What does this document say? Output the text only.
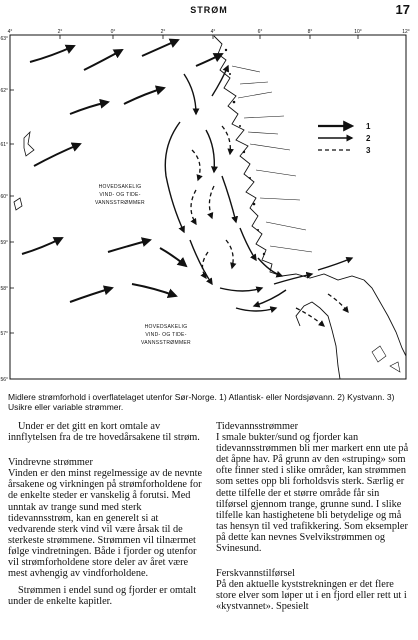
STRØM	17
4°	2°	0°	2°	4°	6°	8°	10°	12°
63°
62°
61°
60°
59°
58°
57°
56°
HOVEDSAKELIG
VIND- OG TIDE-
VANNSSTRØMMER
HOVEDSAKELIG
VIND- OG TIDE-
VANNSSTRØMMER
1
2
3
Midlere strømforhold i overflatelaget utenfor Sør-Norge. 1) Atlantisk- eller Nordsjøvann. 2) Kystvann. 3) Usikre eller variable strømmer.

Under er det gitt en kort omtale av innflytelsen fra de tre hovedårsakene til strøm.

Vindrevne strømmer

Vinden er den minst regelmessige av de nevnte årsakene og virkningen på strømforholdene for de enkelte steder er vanskelig å forutsi. Med unntak av trange sund med sterk tidevannsstrøm, kan en generelt si at vedvarende sterk vind vil være årsak til de sterkeste strømmene. Strømmen vil tilnærmet følge vindretningen. Både i fjorder og utenfor vil strømforholdene store deler av året være mest avhengig av vindforholdene.

Strømmen i endel sund og fjorder er omtalt under de enkelte kapitler.

Tidevannsstrømmer

I smale bukter/sund og fjorder kan tidevannsstrømmen bli mer markert enn ute på det åpne hav. På grunn av den «struping» som ofte finner sted i slike områder, kan strømmen som settes opp bli forholdsvis sterk. Særlig er dette tilfelle der et større område får sin tilførsel gjennom trange, grunne sund. I slike tilfelle kan hastighetene bli betydelige og må tas hensyn til ved trafikkering. Som eksempler på dette kan nevnes Svelvikstrømmen og Svinesund.

Ferskvannstilførsel

På den aktuelle kyststrekningen er det flere store elver som løper ut i en fjord eller rett ut i «kystvannet». Spesielt
